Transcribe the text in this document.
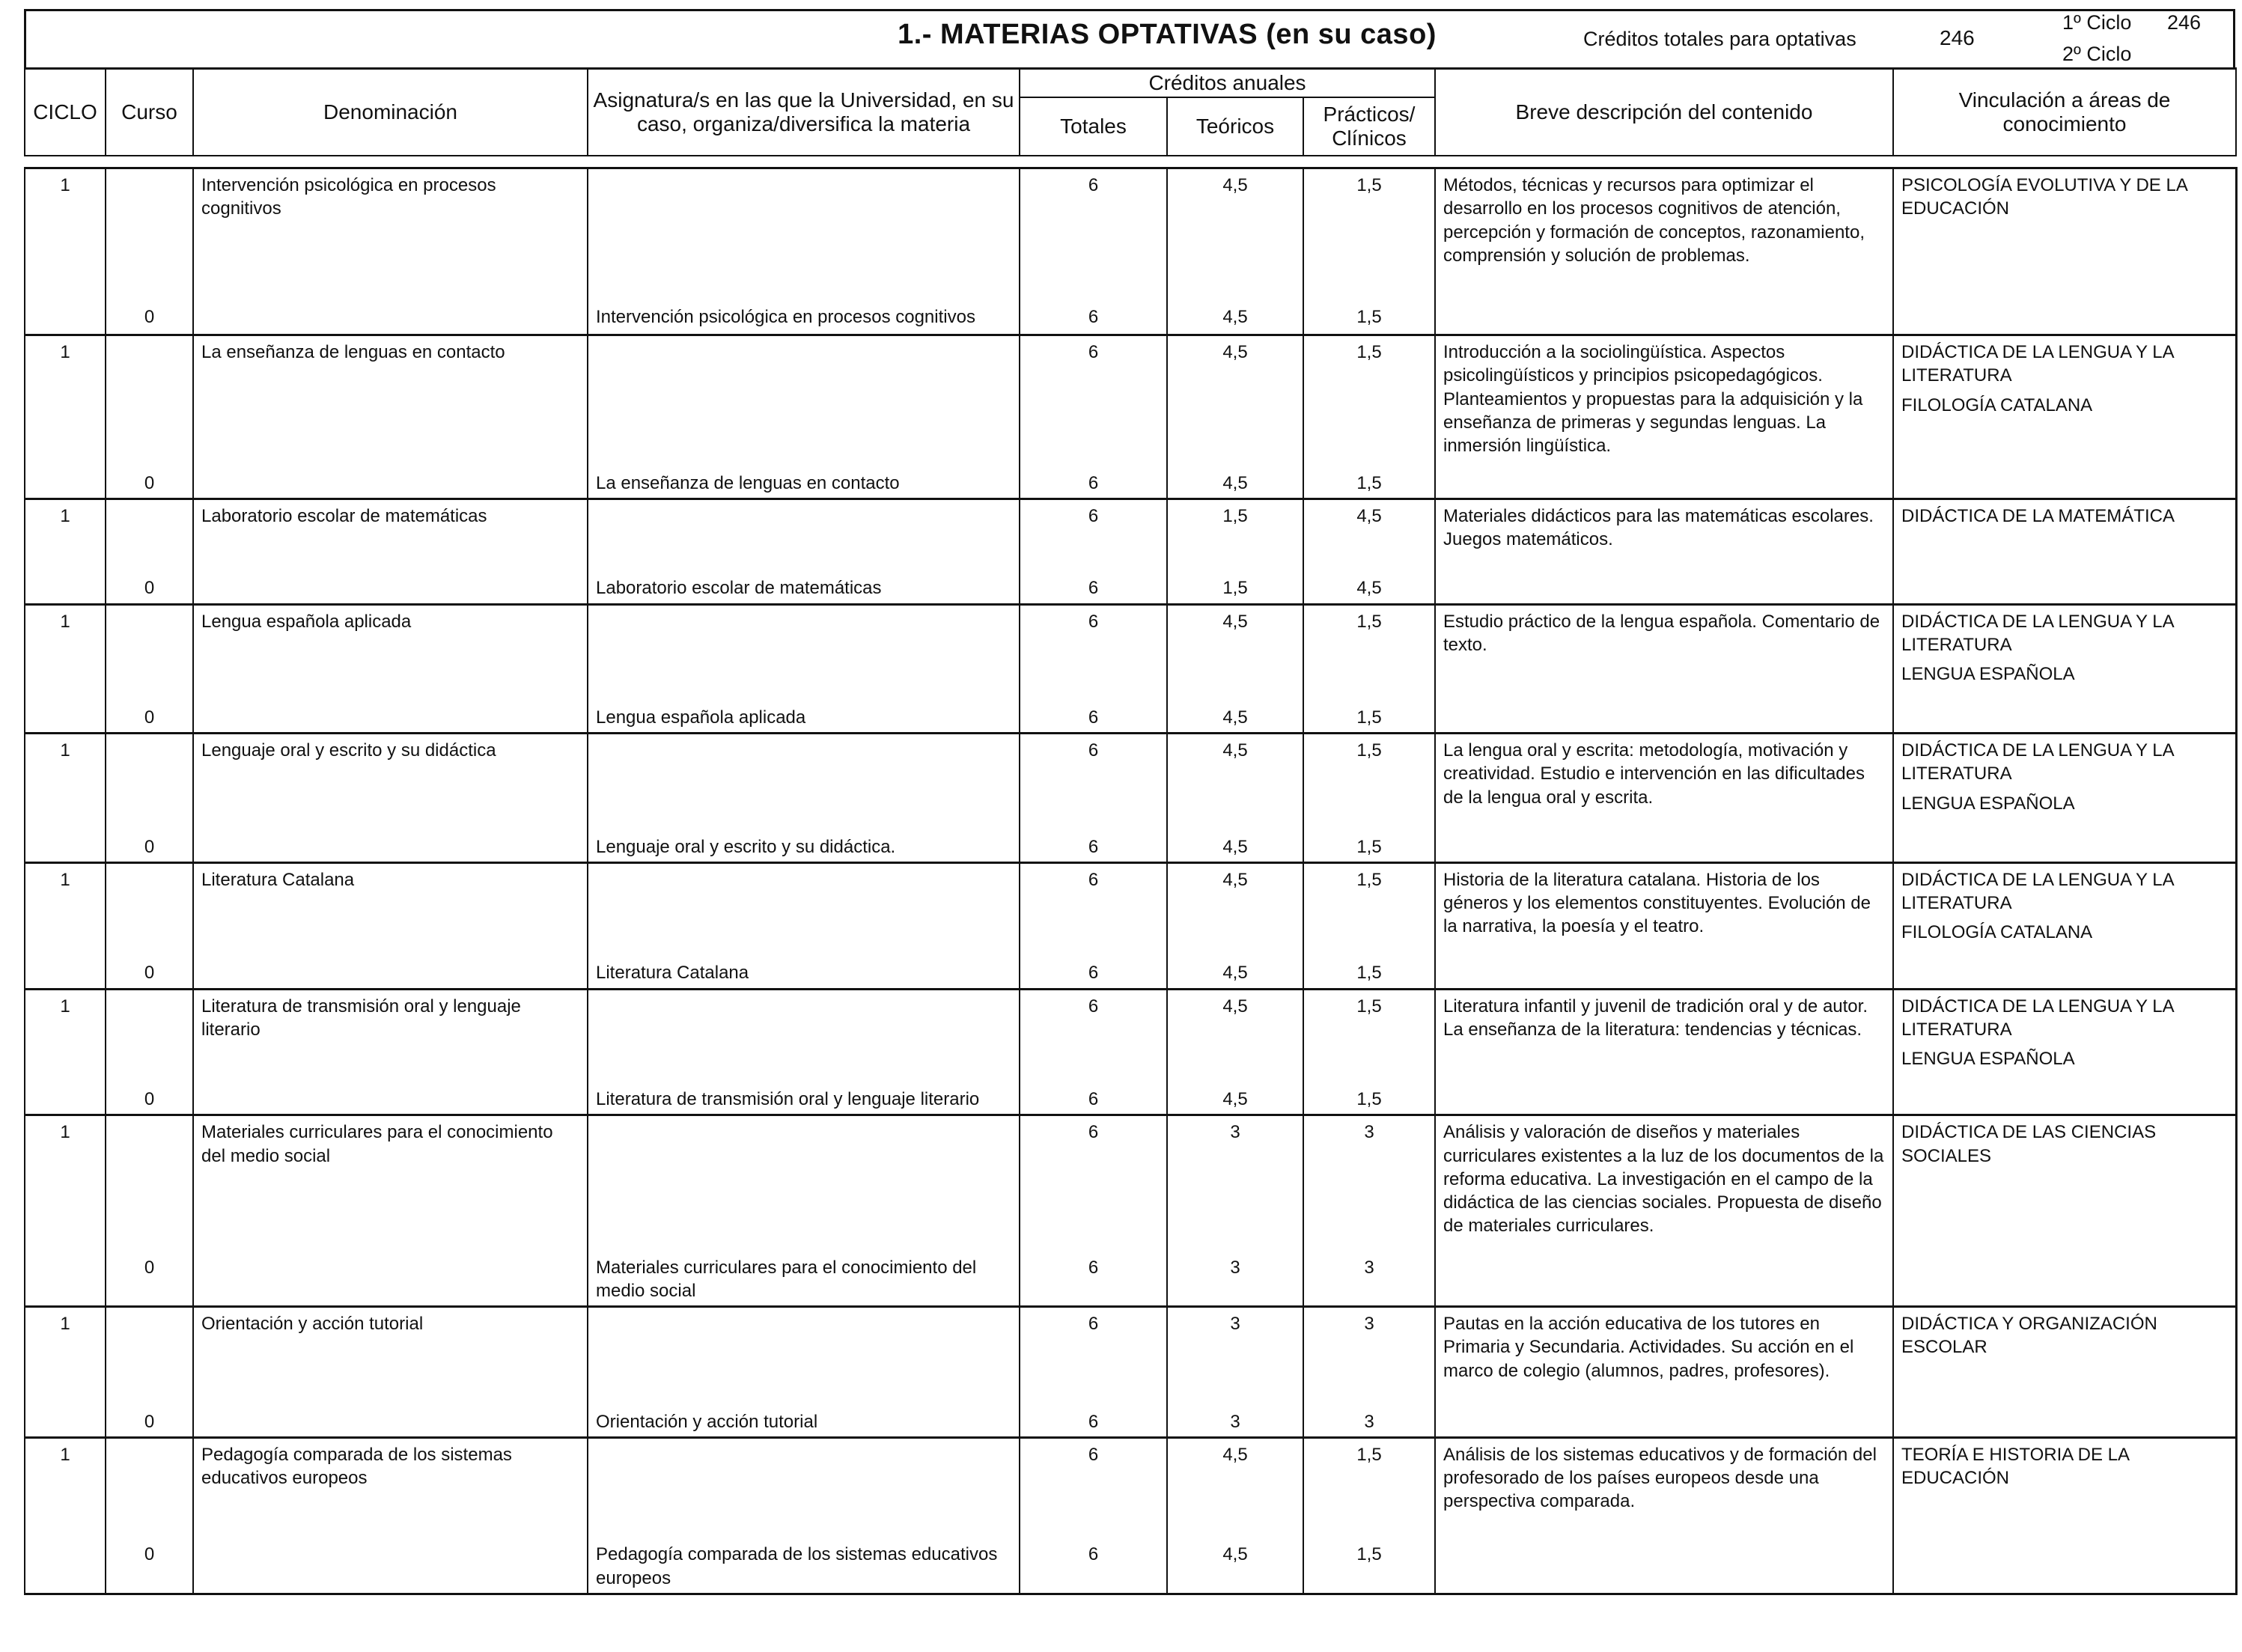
1.- MATERIAS OPTATIVAS (en su caso)	Créditos totales para optativas	246
1º Ciclo 246
2º Ciclo
CICLO	Curso	Denominación	Asignatura/s en las que la Universidad, en su caso, organiza/diversifica la materia	Créditos anuales			Breve descripción del contenido	Vinculación a áreas de conocimiento
				Totales	Teóricos	Prácticos/ Clínicos		
1		Intervención psicológica en procesos cognitivos		6	4,5	1,5	Métodos, técnicas y recursos para optimizar el desarrollo en los procesos cognitivos de atención, percepción y formación de conceptos, razonamiento, comprensión y solución de problemas.	PSICOLOGÍA EVOLUTIVA Y DE LA EDUCACIÓN

	0		Intervención psicológica en procesos cognitivos	6	4,5	1,5		
1		La enseñanza de lenguas en contacto		6	4,5	1,5	Introducción a la sociolingüística. Aspectos psicolingüísticos y principios psicopedagógicos. Planteamientos y propuestas para la adquisición y la enseñanza de primeras y segundas lenguas. La inmersión lingüística.	DIDÁCTICA DE LA LENGUA Y LA LITERATURA
FILOLOGÍA CATALANA

	0		La enseñanza de lenguas en contacto	6	4,5	1,5		
1		Laboratorio escolar de matemáticas		6	1,5	4,5	Materiales didácticos para las matemáticas escolares. Juegos matemáticos.	DIDÁCTICA DE LA MATEMÁTICA

	0		Laboratorio escolar de matemáticas	6	1,5	4,5		
1		Lengua española aplicada		6	4,5	1,5	Estudio práctico de la lengua española. Comentario de texto.	DIDÁCTICA DE LA LENGUA Y LA LITERATURA
LENGUA ESPAÑOLA

	0		Lengua española aplicada	6	4,5	1,5		
1		Lenguaje oral y escrito y su didáctica		6	4,5	1,5	La lengua oral y escrita: metodología, motivación y creatividad. Estudio e intervención en las dificultades de la lengua oral y escrita.	DIDÁCTICA DE LA LENGUA Y LA LITERATURA
LENGUA ESPAÑOLA

	0		Lenguaje oral y escrito y su didáctica.	6	4,5	1,5		
1		Literatura Catalana		6	4,5	1,5	Historia de la literatura catalana. Historia de los géneros y los elementos constituyentes. Evolución de la narrativa, la poesía y el teatro.	DIDÁCTICA DE LA LENGUA Y LA LITERATURA
FILOLOGÍA CATALANA

	0		Literatura Catalana	6	4,5	1,5		
1		Literatura de transmisión oral y lenguaje literario		6	4,5	1,5	Literatura infantil y juvenil de tradición oral y de autor. La enseñanza de la literatura: tendencias y técnicas.	DIDÁCTICA DE LA LENGUA Y LA LITERATURA
LENGUA ESPAÑOLA

	0		Literatura de transmisión oral y lenguaje literario	6	4,5	1,5		
1		Materiales curriculares para el conocimiento del medio social		6	3	3	Análisis y valoración de diseños y materiales curriculares existentes a la luz de los documentos de la reforma educativa. La investigación en el campo de la didáctica de las ciencias sociales. Propuesta de diseño de materiales curriculares.	DIDÁCTICA DE LAS CIENCIAS SOCIALES

	0		Materiales curriculares para el conocimiento del medio social	6	3	3		
1		Orientación y acción tutorial		6	3	3	Pautas en la acción educativa de los tutores en Primaria y Secundaria. Actividades. Su acción en el marco de colegio (alumnos, padres, profesores).	DIDÁCTICA Y ORGANIZACIÓN ESCOLAR

	0		Orientación y acción tutorial	6	3	3		
1		Pedagogía comparada de los sistemas educativos europeos		6	4,5	1,5	Análisis de los sistemas educativos y de formación del profesorado de los países europeos desde una perspectiva comparada.	TEORÍA E HISTORIA DE LA EDUCACIÓN

	0		Pedagogía comparada de los sistemas educativos europeos	6	4,5	1,5		
